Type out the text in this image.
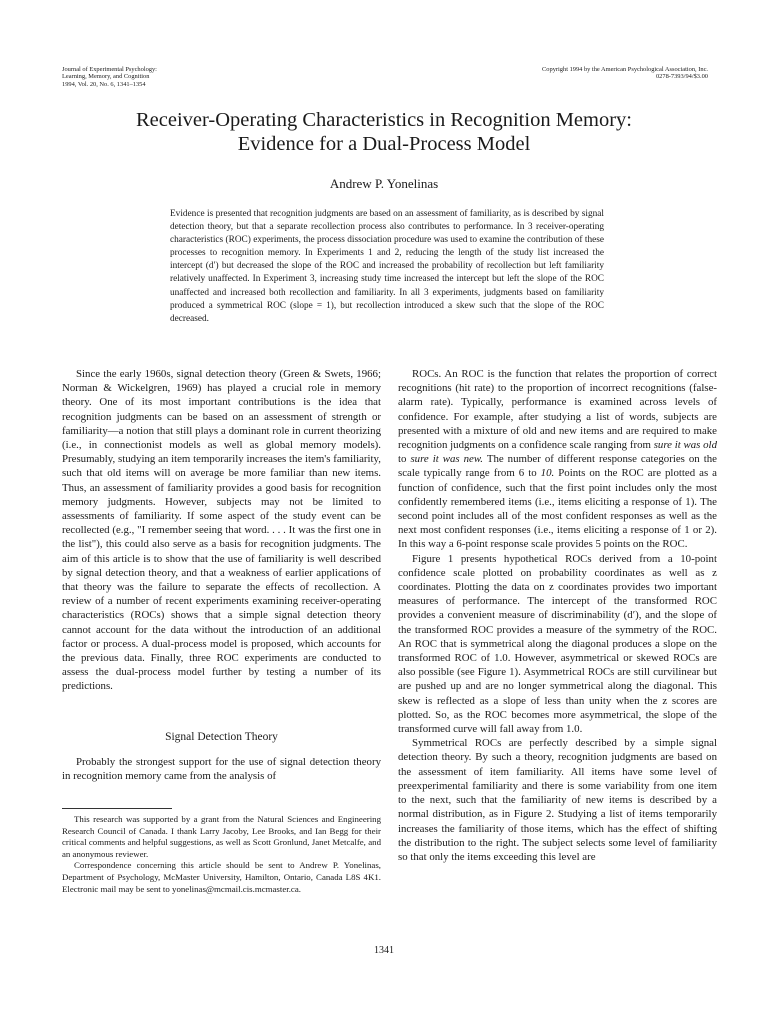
Journal of Experimental Psychology:
Learning, Memory, and Cognition
1994, Vol. 20, No. 6, 1341–1354
Copyright 1994 by the American Psychological Association, Inc.
0278-7393/94/$3.00
Receiver-Operating Characteristics in Recognition Memory:
Evidence for a Dual-Process Model
Andrew P. Yonelinas
Evidence is presented that recognition judgments are based on an assessment of familiarity, as is described by signal detection theory, but that a separate recollection process also contributes to performance. In 3 receiver-operating characteristics (ROC) experiments, the process dissociation procedure was used to examine the contribution of these processes to recognition memory. In Experiments 1 and 2, reducing the length of the study list increased the intercept (d′) but decreased the slope of the ROC and increased the probability of recollection but left familiarity relatively unaffected. In Experiment 3, increasing study time increased the intercept but left the slope of the ROC unaffected and increased both recollection and familiarity. In all 3 experiments, judgments based on familiarity produced a symmetrical ROC (slope = 1), but recollection introduced a skew such that the slope of the ROC decreased.

Since the early 1960s, signal detection theory (Green & Swets, 1966; Norman & Wickelgren, 1969) has played a crucial role in memory theory. One of its most important contributions is the idea that recognition judgments can be based on an assessment of strength or familiarity—a notion that still plays a dominant role in current theorizing (i.e., in connectionist models as well as global memory models). Presumably, studying an item temporarily increases the item's familiarity, such that old items will on average be more familiar than new items. Thus, an assessment of familiarity provides a good basis for recognition memory judgments. However, subjects may not be limited to assessments of familiarity. If some aspect of the study event can be recollected (e.g., "I remember seeing that word. . . . It was the first one in the list"), this could also serve as a basis for recognition judgments. The aim of this article is to show that the use of familiarity is well described by signal detection theory, and that a weakness of earlier applications of that theory was the failure to separate the effects of recollection. A review of a number of recent experiments examining receiver-operating characteristics (ROCs) shows that a simple signal detection theory cannot account for the data without the introduction of an additional factor or process. A dual-process model is proposed, which accounts for the previous data. Finally, three ROC experiments are conducted to assess the dual-process model further by testing a number of its predictions.

Signal Detection Theory

Probably the strongest support for the use of signal detection theory in recognition memory came from the analysis of

This research was supported by a grant from the Natural Sciences and Engineering Research Council of Canada. I thank Larry Jacoby, Lee Brooks, and Ian Begg for their critical comments and helpful suggestions, as well as Scott Gronlund, Janet Metcalfe, and an anonymous reviewer.

Correspondence concerning this article should be sent to Andrew P. Yonelinas, Department of Psychology, McMaster University, Hamilton, Ontario, Canada L8S 4K1. Electronic mail may be sent to yonelinas@mcmail.cis.mcmaster.ca.

ROCs. An ROC is the function that relates the proportion of correct recognitions (hit rate) to the proportion of incorrect recognitions (false-alarm rate). Typically, performance is examined across levels of confidence. For example, after studying a list of words, subjects are presented with a mixture of old and new items and are required to make recognition judgments on a confidence scale ranging from sure it was old to sure it was new. The number of different response categories on the scale typically range from 6 to 10. Points on the ROC are plotted as a function of confidence, such that the first point includes only the most confidently remembered items (i.e., items eliciting a response of 1). The second point includes all of the most confident responses as well as the next most confident responses (i.e., items eliciting a response of 1 or 2). In this way a 6-point response scale provides 5 points on the ROC.

Figure 1 presents hypothetical ROCs derived from a 10-point confidence scale plotted on probability coordinates as well as z coordinates. Plotting the data on z coordinates provides two important measures of performance. The intercept of the transformed ROC provides a convenient measure of discriminability (d′), and the slope of the transformed ROC provides a measure of the symmetry of the ROC. An ROC that is symmetrical along the diagonal produces a slope on the transformed ROC of 1.0. However, asymmetrical or skewed ROCs are also possible (see Figure 1). Asymmetrical ROCs are still curvilinear but are pushed up and are no longer symmetrical along the diagonal. This skew is reflected as a slope of less than unity when the z scores are plotted. So, as the ROC becomes more asymmetrical, the slope of the transformed curve will fall away from 1.0.

Symmetrical ROCs are perfectly described by a simple signal detection theory. By such a theory, recognition judgments are based on the assessment of item familiarity. All items have some level of preexperimental familiarity and there is some variability from one item to the next, such that the familiarity of new items is described by a normal distribution, as in Figure 2. Studying a list of items temporarily increases the familiarity of those items, which has the effect of shifting the distribution to the right. The subject selects some level of familiarity so that only the items exceeding this level are

1341
